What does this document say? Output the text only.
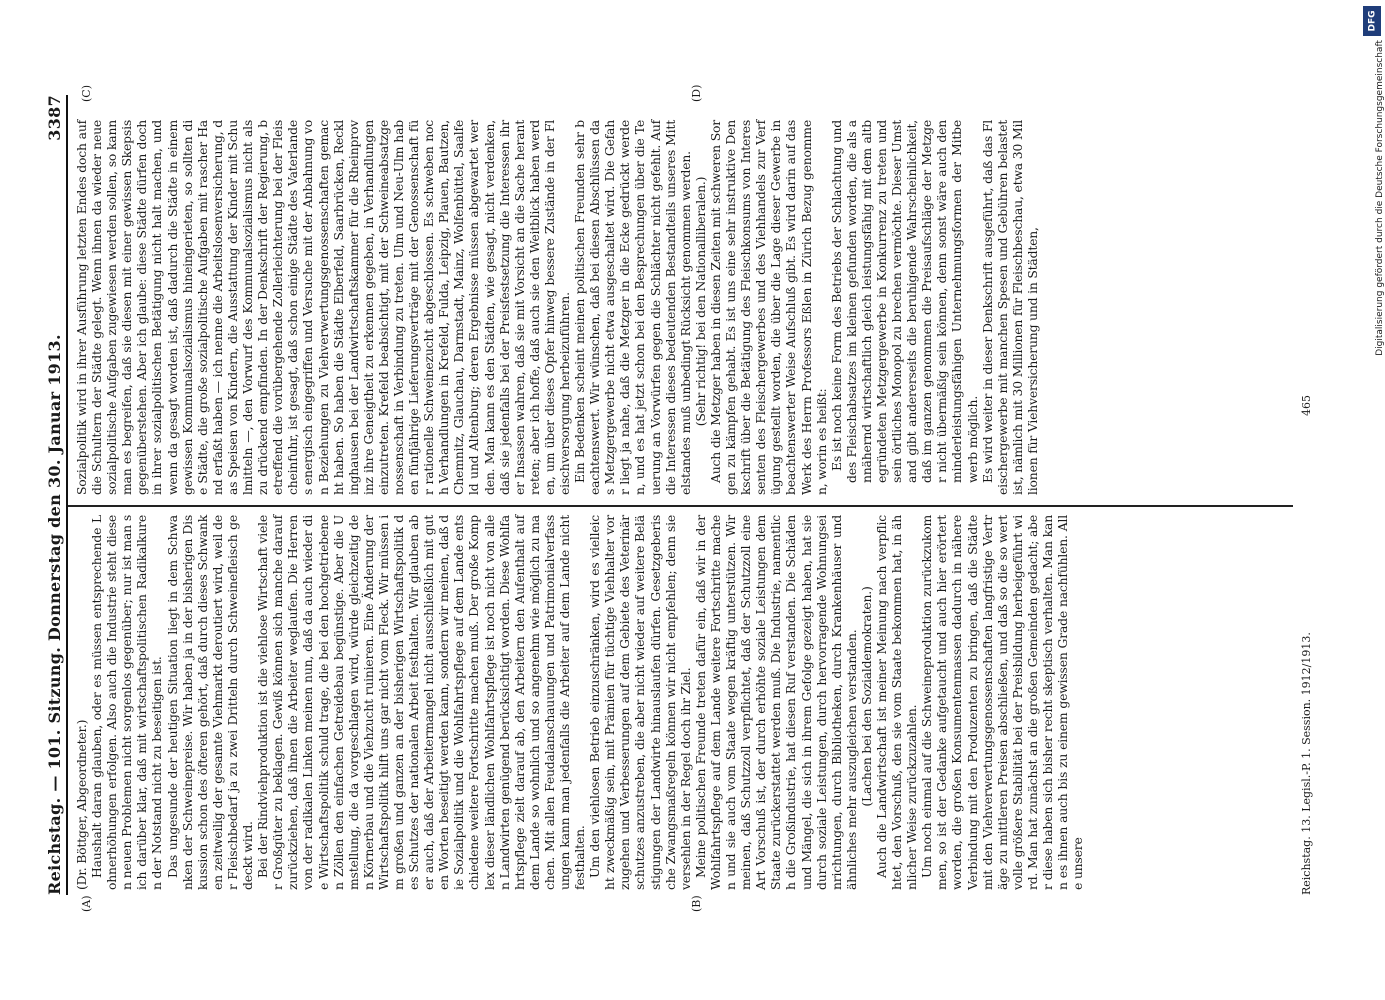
DFG
Digitalisierung gefördert durch die Deutsche Forschungsgemeinschaft
Reichstag. — 101. Sitzung. Donnerstag den 30. Januar 1913.
3387
(A)	(B)
(C)	(D)

(Dr. Böttger, Abgeordneter.) Haushalt daran glauben, oder es müssen entsprechende Lohnerhöhungen erfolgen. Also auch die Industrie steht diesen neuen Problemen nicht sorgenlos gegenüber; nur ist man sich darüber klar, daß mit wirtschaftspolitischen Radikalkuren der Notstand nicht zu beseitigen ist. Das ungesunde der heutigen Situation liegt in dem Schwanken der Schweinepreise. Wir haben ja in der bisherigen Diskussion schon des öfteren gehört, daß durch dieses Schwanken zeitweilig der gesamte Viehmarkt deroutiert wird, weil der Fleischbedarf ja zu zwei Dritteln durch Schweinefleisch gedeckt wird. Bei der Rindviehproduktion ist die viehlose Wirtschaft vieler Großgüter zu beklagen. Gewiß können sich manche darauf zurückziehen, daß ihnen die Arbeiter weglaufen. Die Herren von der radikalen Linken meinen nun, daß da auch wieder die Wirtschaftspolitik schuld trage, die bei den hochgetriebenen Zöllen den einfachen Getreidebau begünstige. Aber die Umstellung, die da vorgeschlagen wird, würde gleichzeitig den Körnerbau und die Viehzucht ruinieren. Eine Änderung der Wirtschaftspolitik hilft uns gar nicht vom Fleck. Wir müssen im großen und ganzen an der bisherigen Wirtschaftspolitik des Schutzes der nationalen Arbeit festhalten. Wir glauben aber auch, daß der Arbeitermangel nicht ausschließlich mit guten Worten beseitigt werden kann, sondern wir meinen, daß die Sozialpolitik und die Wohlfahrtspflege auf dem Lande entschiedene weitere Fortschritte machen muß. Der große Komplex dieser ländlichen Wohlfahrtspflege ist noch nicht von allen Landwirten genügend berücksichtigt worden. Diese Wohlfahrtspflege zielt darauf ab, den Arbeitern den Aufenthalt auf dem Lande so wohnlich und so angenehm wie möglich zu machen. Mit allen Feudalanschauungen und Patrimonialverfassungen kann man jedenfalls die Arbeiter auf dem Lande nicht festhalten. Um den viehlosen Betrieb einzuschränken, wird es vielleicht zweckmäßig sein, mit Prämien für tüchtige Viehhalter vorzugehen und Verbesserungen auf dem Gebiete des Veterinärschutzes anzustreben, die aber nicht wieder auf weitere Belästigungen der Landwirte hinauslaufen dürfen. Gesetzgeberische Zwangsmaßregeln können wir nicht empfehlen; denn sie versehlen in der Regel doch ihr Ziel. Meine politischen Freunde treten dafür ein, daß wir in der Wohlfahrtspflege auf dem Lande weitere Fortschritte machen und sie auch vom Staate wegen kräftig unterstützen. Wir meinen, daß Schutzzoll verpflichtet, daß der Schutzzoll eine Art Vorschuß ist, der durch erhöhte soziale Leistungen dem Staate zurückerstattet werden muß. Die Industrie, namentlich die Großindustrie, hat diesen Ruf verstanden. Die Schäden und Mängel, die sich in ihrem Gefolge gezeigt haben, hat sie durch soziale Leistungen, durch hervorragende Wohnungseinrichtungen, durch Bibliotheken, durch Krankenhäuser und ähnliches mehr auszugleichen verstanden. (Lachen bei den Sozialdemokraten.) Auch die Landwirtschaft ist meiner Meinung nach verpflichtet, den Vorschuß, den sie vom Staate bekommen hat, in ähnlicher Weise zurückzuzahlen. Um noch einmal auf die Schweineproduktion zurückzukommen, so ist der Gedanke aufgetaucht und auch hier erörtert worden, die großen Konsumentenmassen dadurch in nähere Verbindung mit den Produzenten zu bringen, daß die Städte mit den Viehverwertungsgenossenschaften langfristige Verträge zu mittleren Preisen abschließen, und daß so die so wertvolle größere Stabilität bei der Preisbildung herbeigeführt wird. Man hat zunächst an die großen Gemeinden gedacht; aber diese haben sich bisher recht skeptisch verhalten. Man kann es ihnen auch bis zu einem gewissen Grade nachfühlen. Alle unsere

Sozialpolitik wird in ihrer Ausführung letzten Endes doch auf die Schultern der Städte gelegt. Wenn ihnen da wieder neue sozialpolitische Aufgaben zugewiesen werden sollen, so kann man es begreifen, daß sie diesen mit einer gewissen Skepsis gegenüberstehen. Aber ich glaube: diese Städte dürfen doch in ihrer sozialpolitischen Betätigung nicht halt machen, und wenn da gesagt worden ist, daß dadurch die Städte in einem gewissen Kommunalsozialismus hineingerieten, so sollten die Städte, die große sozialpolitische Aufgaben mit rascher Hand erfaßt haben — ich nenne die Arbeitslosenversicherung, das Speisen von Kindern, die Ausstattung der Kinder mit Schulmitteln —, den Vorwurf des Kommunalsozialismus nicht als zu drückend empfinden. In der Denkschrift der Regierung, betreffend die vorübergehende Zollerleichterung bei der Fleischeinfuhr, ist gesagt, daß schon einige Städte des Vaterlandes energisch eingegriffen und Versuche mit der Anbahnung von Beziehungen zu Viehverwertungsgenossenschaften gemacht haben. So haben die Städte Elberfeld, Saarbrücken, Recklinghausen bei der Landwirtschaftskammer für die Rheinprovinz ihre Geneigtheit zu erkennen gegeben, in Verhandlungen einzutreten. Krefeld beabsichtigt, mit der Schweineabsatzgenossenschaft in Verbindung zu treten. Ulm und Neu-Ulm haben fünfjährige Lieferungsverträge mit der Genossenschaft für rationelle Schweinezucht abgeschlossen. Es schweben noch Verhandlungen in Krefeld, Fulda, Leipzig, Plauen, Bautzen, Chemnitz, Glauchau, Darmstadt, Mainz, Wolfenbüttel, Saalfeld und Altenburg; deren Ergebnisse müssen abgewartet werden. Man kann es den Städten, wie gesagt, nicht verdenken, daß sie jedenfalls bei der Preisfestsetzung die Interessen ihrer Insassen wahren, daß sie mit Vorsicht an die Sache herantreten; aber ich hoffe, daß auch sie den Weitblick haben werden, um über dieses Opfer hinweg bessere Zustände in der Fleischversorgung herbeizuführen. Ein Bedenken scheint meinen politischen Freunden sehr beachtenswert. Wir wünschen, daß bei diesen Abschlüssen das Metzgergewerbe nicht etwa ausgeschaltet wird. Die Gefahr liegt ja nahe, daß die Metzger in die Ecke gedrückt werden, und es hat jetzt schon bei den Besprechungen über die Teuerung an Vorwürfen gegen die Schlächter nicht gefehlt. Auf die Interessen dieses bedeutenden Bestandteils unseres Mittelstandes muß unbedingt Rücksicht genommen werden. (Sehr richtig! bei den Nationalliberalen.) Auch die Metzger haben in diesen Zeiten mit schweren Sorgen zu kämpfen gehabt. Es ist uns eine sehr instruktive Denkschrift über die Betätigung des Fleischkonsums von Interessenten des Fleischergewerbes und des Viehhandels zur Verfügung gestellt worden, die über die Lage dieser Gewerbe in beachtenswerter Weise Aufschluß gibt. Es wird darin auf das Werk des Herrn Professors Eßlen in Zürich Bezug genommen, worin es heißt: Es ist noch keine Form des Betriebs der Schlachtung und des Fleischabsatzes im kleinen gefunden worden, die als annähernd wirtschaftlich gleich leistungsfähig mit dem altbegründeten Metzgergewerbe in Konkurrenz zu treten und sein örtliches Monopol zu brechen vermöchte. Dieser Umstand gibt andererseits die beruhigende Wahrscheinlichkeit, daß im ganzen genommen die Preisaufschläge der Metzger nicht übermäßig sein können, denn sonst wäre auch den minderleistungsfähigen Unternehmungsformen der Mitbewerb möglich. Es wird weiter in dieser Denkschrift ausgeführt, daß das Fleischergewerbe mit manchen Spesen und Gebühren belastet ist, nämlich mit 30 Millionen für Fleischbeschau, etwa 30 Millionen für Viehversicherung und in Städten,

Reichstag. 13. Legisl.-P. 1. Session. 1912/1913.
465
